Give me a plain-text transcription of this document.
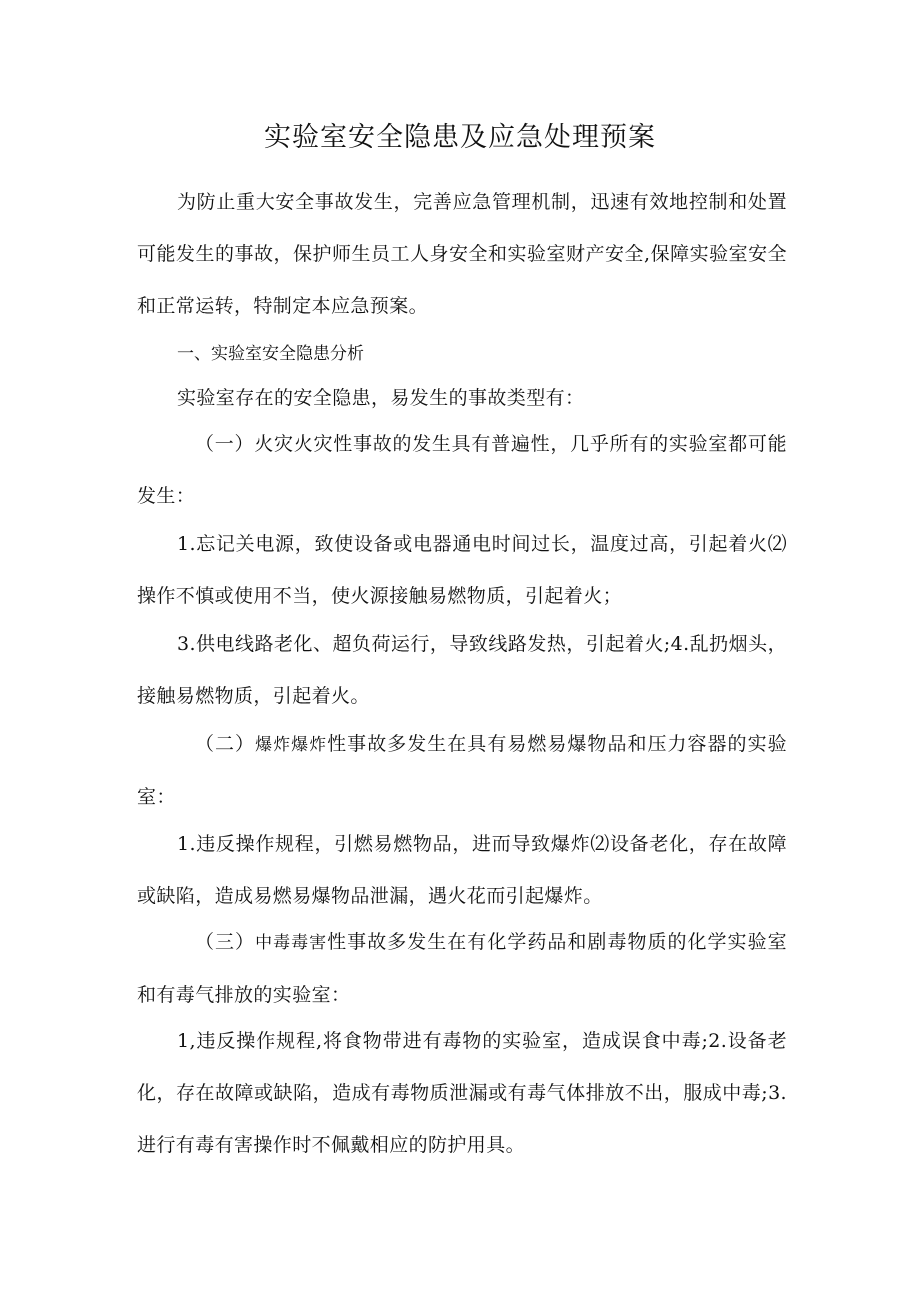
实验室安全隐患及应急处理预案

为防止重大安全事故发生，完善应急管理机制，迅速有效地控制和处置可能发生的事故，保护师生员工人身安全和实验室财产安全,保障实验室安全和正常运转，特制定本应急预案。

一、实验室安全隐患分析

实验室存在的安全隐患，易发生的事故类型有：

（一）火灾火灾性事故的发生具有普遍性，几乎所有的实验室都可能发生：

1.忘记关电源，致使设备或电器通电时间过长，温度过高，引起着火⑵操作不慎或使用不当，使火源接触易燃物质，引起着火；

3.供电线路老化、超负荷运行，导致线路发热，引起着火;4.乱扔烟头，接触易燃物质，引起着火。

（二）爆炸爆炸性事故多发生在具有易燃易爆物品和压力容器的实验室：

1.违反操作规程，引燃易燃物品，进而导致爆炸⑵设备老化，存在故障或缺陷，造成易燃易爆物品泄漏，遇火花而引起爆炸。

（三）中毒毒害性事故多发生在有化学药品和剧毒物质的化学实验室和有毒气排放的实验室：

1,违反操作规程,将食物带进有毒物的实验室，造成误食中毒;2.设备老化，存在故障或缺陷，造成有毒物质泄漏或有毒气体排放不出，服成中毒;3.进行有毒有害操作时不佩戴相应的防护用具。
